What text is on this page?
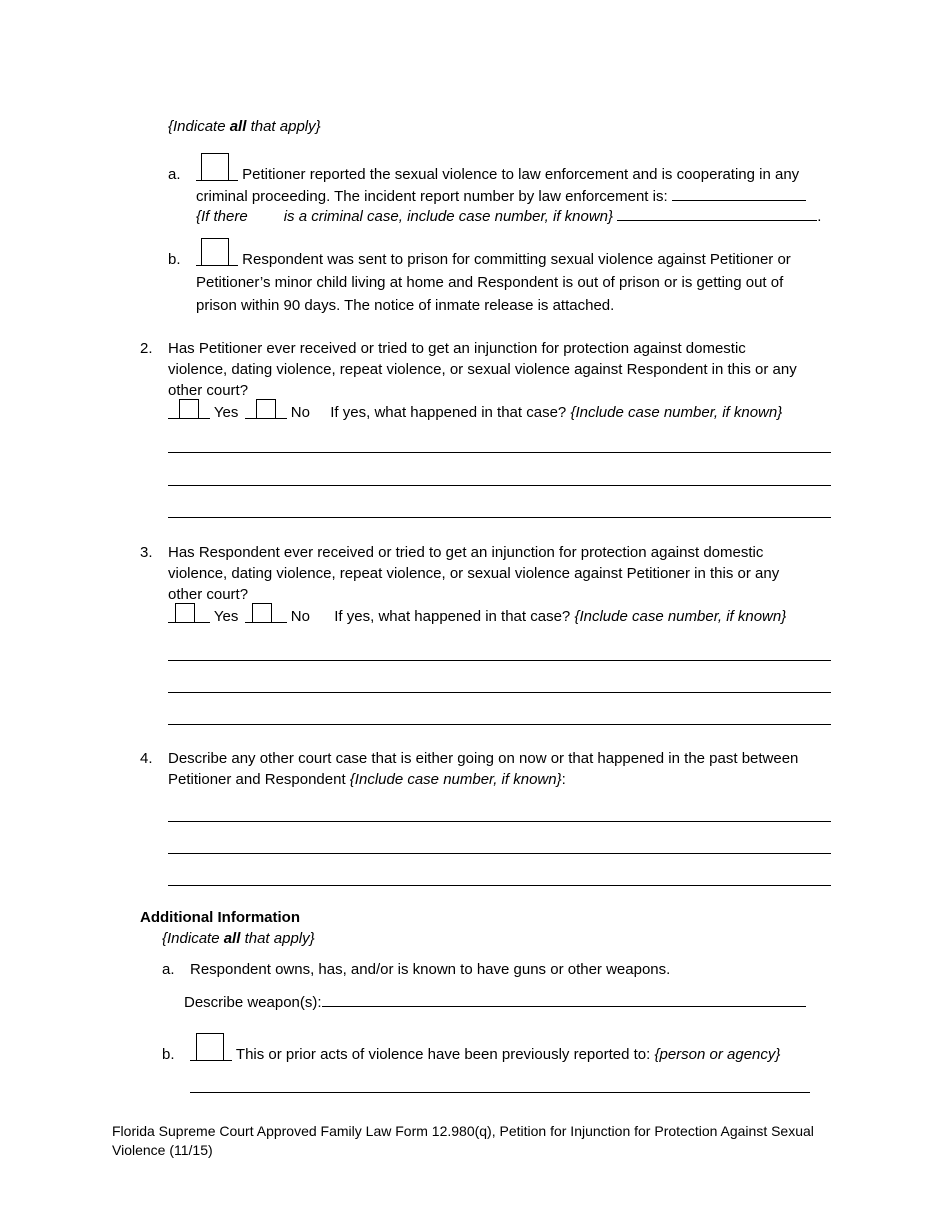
{Indicate all that apply}
a.	Petitioner reported the sexual violence to law enforcement and is cooperating in any
criminal proceeding. The incident report number by law enforcement is:
{If there is a criminal case, include case number, if known}	.
b.	Respondent was sent to prison for committing sexual violence against Petitioner or
Petitioner’s minor child living at home and Respondent is out of prison or is getting out of
prison within 90 days. The notice of inmate release is attached.
2. Has Petitioner ever received or tried to get an injunction for protection against domestic
violence, dating violence, repeat violence, or sexual violence against Respondent in this or any
other court?
Yes	No If yes, what happened in that case? {Include case number, if known}
3. Has Respondent ever received or tried to get an injunction for protection against domestic
violence, dating violence, repeat violence, or sexual violence against Petitioner in this or any
other court?
Yes	No If yes, what happened in that case? {Include case number, if known}
4. Describe any other court case that is either going on now or that happened in the past between
Petitioner and Respondent {Include case number, if known}:
Additional Information
{Indicate all that apply}
a. Respondent owns, has, and/or is known to have guns or other weapons.
Describe weapon(s):
b.	This or prior acts of violence have been previously reported to: {person or agency}
Florida Supreme Court Approved Family Law Form 12.980(q), Petition for Injunction for Protection Against Sexual
Violence (11/15)
